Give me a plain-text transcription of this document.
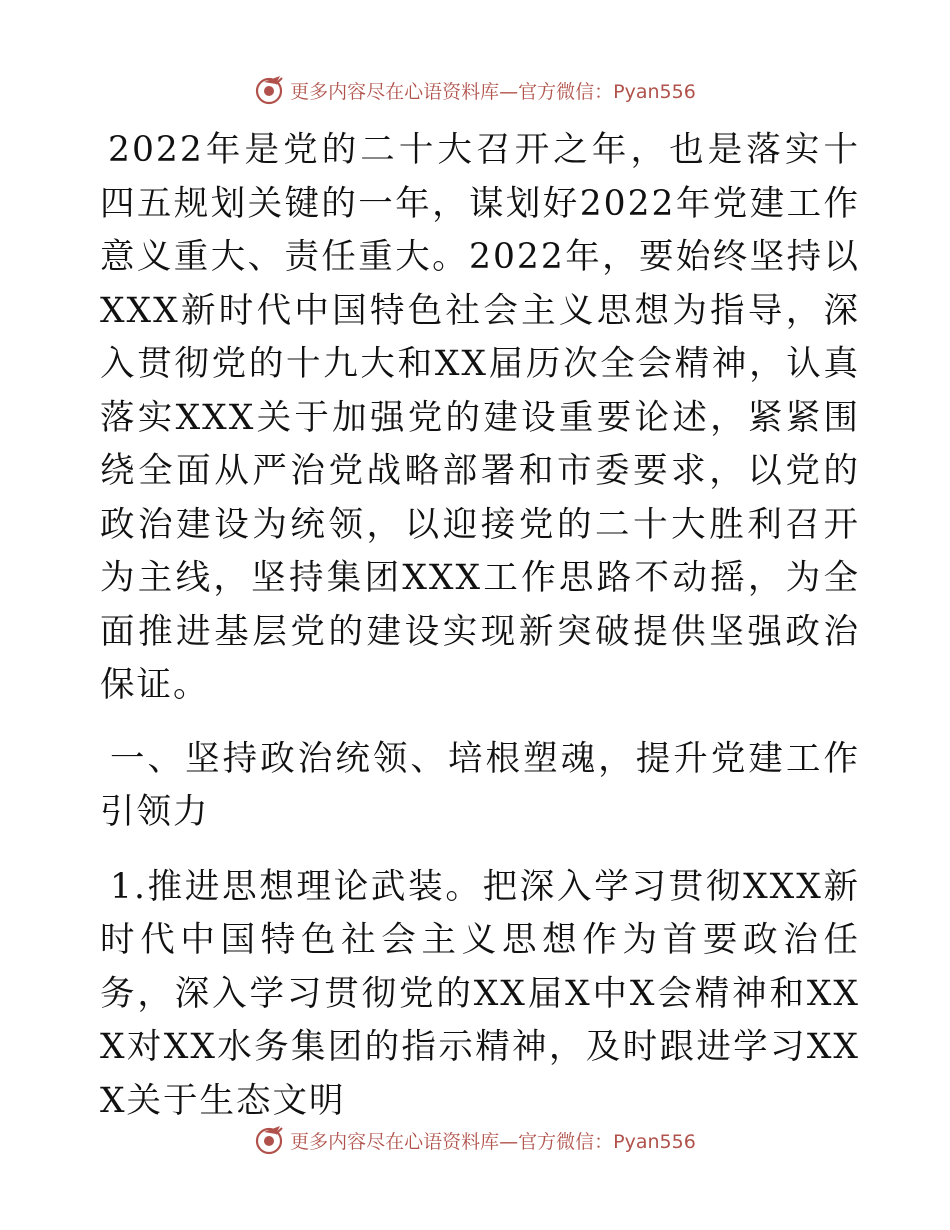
更多内容尽在心语资料库—官方微信：Pyan556

2022年是党的二十大召开之年，也是落实十四五规划关键的一年，谋划好2022年党建工作意义重大、责任重大。2022年，要始终坚持以XXX新时代中国特色社会主义思想为指导，深入贯彻党的十九大和XX届历次全会精神，认真落实XXX关于加强党的建设重要论述，紧紧围绕全面从严治党战略部署和市委要求，以党的政治建设为统领，以迎接党的二十大胜利召开为主线，坚持集团XXX工作思路不动摇，为全面推进基层党的建设实现新突破提供坚强政治保证。

一、坚持政治统领、培根塑魂，提升党建工作引领力

1.推进思想理论武装。把深入学习贯彻XXX新时代中国特色社会主义思想作为首要政治任务，深入学习贯彻党的XX届X中X会精神和XXX对XX水务集团的指示精神，及时跟进学习XXX关于生态文明

更多内容尽在心语资料库—官方微信：Pyan556
